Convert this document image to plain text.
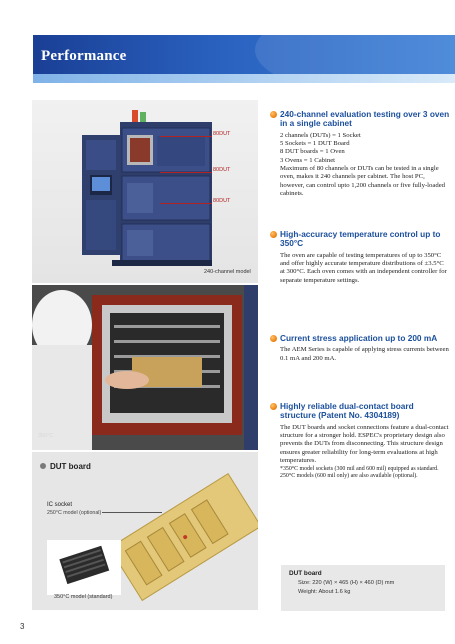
Performance
80DUT
80DUT
80DUT
240-channel model
350°C
DUT board
IC socket
250°C model (optional)
350°C model (standard)
240-channel evaluation testing over 3 oven in a single cabinet

2 channels (DUTs) = 1 Socket
5 Sockets = 1 DUT Board
8 DUT boards = 1 Oven
3 Ovens = 1 Cabinet
Maximum of 80 channels or DUTs can be tested in a single oven, makes it 240 channels per cabinet. The host PC, however, can control upto 1,200 channels or five fully-loaded cabinets.

High-accuracy temperature control up to 350°C

The oven are capable of testing temperatures of up to 350°C and offer highly accurate temperature distributions of ±3.5°C at 300°C. Each oven comes with an independent controller for separate temperature settings.

Current stress application up to 200 mA

The AEM Series is capable of applying stress currents between 0.1 mA and 200 mA.

Highly reliable dual-contact board structure (Patent No. 4304189)

The DUT boards and socket connections feature a dual-contact structure for a stronger hold. ESPEC's proprietary design also prevents the DUTs from disconnecting. This structure design ensures greater reliability for long-term evaluations at high temperatures.

*350°C model sockets (300 mil and 600 mil) equipped as standard. 250°C models (600 mil only) are also available (optional).

DUT board
Size: 220 (W) × 465 (H) × 460 (D) mm
Weight: About 1.6 kg
3
